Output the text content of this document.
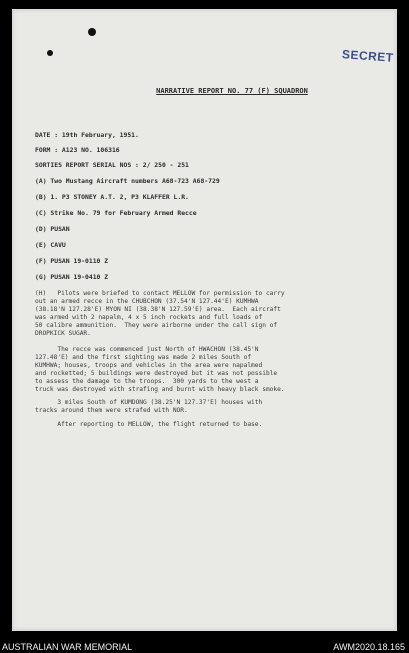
SECRET
NARRATIVE REPORT NO. 77 (F) SQUADRON
DATE : 19th February, 1951.
FORM : A123 NO. 106316
SORTIES REPORT SERIAL NOS : 2/ 250 - 251
(A) Two Mustang Aircraft numbers A68-723 A68-729
(B) 1. P3 STONEY A.T. 2, P3 KLAFFER L.R.
(C) Strike No. 79 for February Armed Recce
(D) PUSAN
(E) CAVU
(F) PUSAN 19-0110 Z
(G) PUSAN 19-0410 Z
(H)   Pilots were briefed to contact MELLOW for permission to carry
out an armed recce in the CHUBCHON (37.54'N 127.44'E) KUMHWA
(38.18'N 127.28'E) MYON NI (38.38'N 127.59'E) area.  Each aircraft
was armed with 2 napalm, 4 x 5 inch rockets and full loads of
50 calibre ammunition.  They were airborne under the call sign of
DROPKICK SUGAR.
The recce was commenced just North of HWACHON (38.45'N
127.48'E) and the first sighting was made 2 miles South of
KUMHWA; houses, troops and vehicles in the area were napalmed
and rocketted; 5 buildings were destroyed but it was not possible
to assess the damage to the troops.  300 yards to the west a
truck was destroyed with strafing and burnt with heavy black smoke.
3 miles South of KUMDONG (38.25'N 127.37'E) houses with
tracks around them were strafed with NOR.
After reporting to MELLOW, the flight returned to base.
AUSTRALIAN WAR MEMORIAL	AWM2020.18.165
